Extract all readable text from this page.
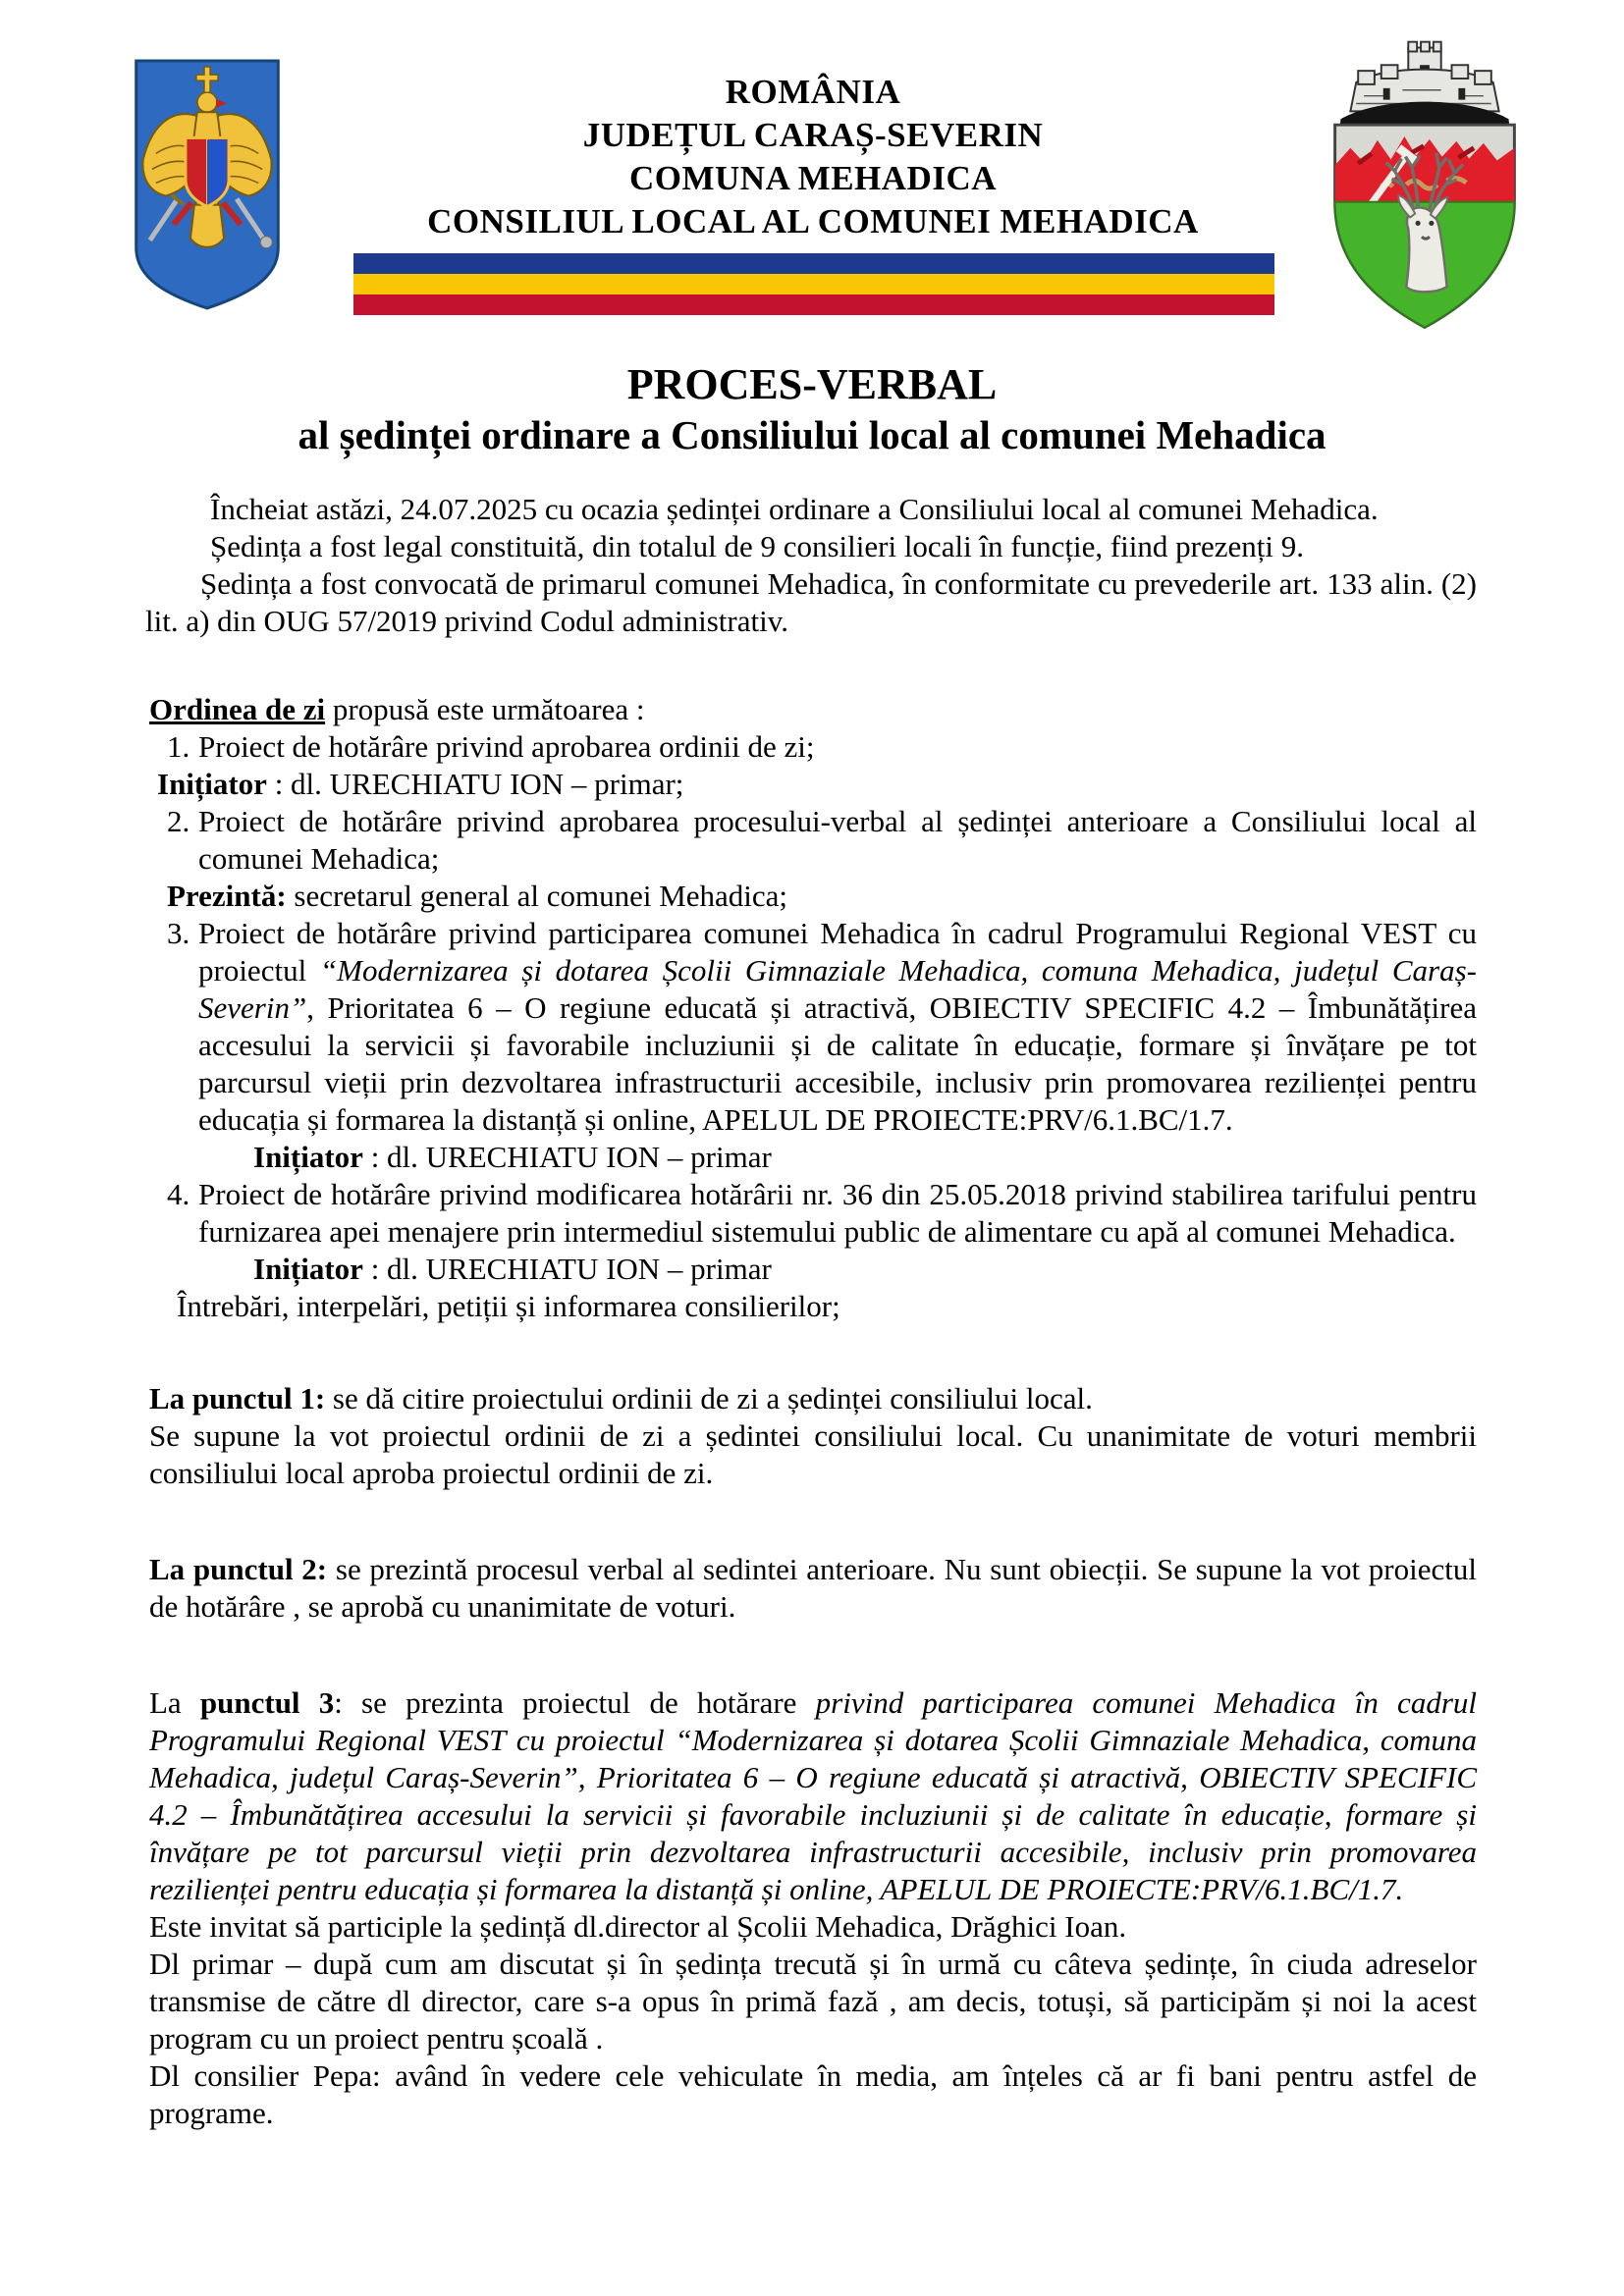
ROMÂNIA
JUDEȚUL CARAȘ-SEVERIN
COMUNA MEHADICA
CONSILIUL LOCAL AL COMUNEI MEHADICA
PROCES-VERBAL
al ședinței ordinare a Consiliului local al comunei Mehadica

Încheiat astăzi, 24.07.2025 cu ocazia ședinței ordinare a Consiliului local al comunei Mehadica.

Ședința a fost legal constituită, din totalul de 9 consilieri locali în funcție, fiind prezenți 9.

Ședința a fost convocată de primarul comunei Mehadica, în conformitate cu prevederile art. 133 alin. (2) lit. a) din OUG 57/2019 privind Codul administrativ.

Ordinea de zi propusă este următoarea :

1. Proiect de hotărâre privind aprobarea ordinii de zi;

Inițiator : dl. URECHIATU ION – primar;

2. Proiect de hotărâre privind aprobarea procesului-verbal al ședinței anterioare a Consiliului local al comunei Mehadica;

Prezintă: secretarul general al comunei Mehadica;

3. Proiect de hotărâre privind participarea comunei Mehadica în cadrul Programului Regional VEST cu proiectul “Modernizarea și dotarea Școlii Gimnaziale Mehadica, comuna Mehadica, județul Caraș-Severin”, Prioritatea 6 – O regiune educată și atractivă, OBIECTIV SPECIFIC 4.2 – Îmbunătățirea accesului la servicii și favorabile incluziunii și de calitate în educație, formare și învățare pe tot parcursul vieții prin dezvoltarea infrastructurii accesibile, inclusiv prin promovarea rezilienței pentru educația și formarea la distanță și online, APELUL DE PROIECTE:PRV/6.1.BC/1.7.

Inițiator : dl. URECHIATU ION – primar

4. Proiect de hotărâre privind modificarea hotărârii nr. 36 din 25.05.2018 privind stabilirea tarifului pentru furnizarea apei menajere prin intermediul sistemului public de alimentare cu apă al comunei Mehadica.

Inițiator : dl. URECHIATU ION – primar

Întrebări, interpelări, petiții și informarea consilierilor;

La punctul 1: se dă citire proiectului ordinii de zi a ședinței consiliului local.

Se supune la vot proiectul ordinii de zi a ședintei consiliului local. Cu unanimitate de voturi membrii consiliului local aproba proiectul ordinii de zi.

La punctul 2: se prezintă procesul verbal al sedintei anterioare. Nu sunt obiecții. Se supune la vot proiectul de hotărâre , se aprobă cu unanimitate de voturi.

La punctul 3: se prezinta proiectul de hotărare privind participarea comunei Mehadica în cadrul Programului Regional VEST cu proiectul “Modernizarea și dotarea Școlii Gimnaziale Mehadica, comuna Mehadica, județul Caraș-Severin”, Prioritatea 6 – O regiune educată și atractivă, OBIECTIV SPECIFIC 4.2 – Îmbunătățirea accesului la servicii și favorabile incluziunii și de calitate în educație, formare și învățare pe tot parcursul vieții prin dezvoltarea infrastructurii accesibile, inclusiv prin promovarea rezilienței pentru educația și formarea la distanță și online, APELUL DE PROIECTE:PRV/6.1.BC/1.7.

Este invitat să participle la ședință dl.director al Școlii Mehadica, Drăghici Ioan.

Dl primar – după cum am discutat și în ședința trecută și în urmă cu câteva ședințe, în ciuda adreselor transmise de către dl director, care s-a opus în primă fază , am decis, totuși, să participăm și noi la acest program cu un proiect pentru școală .

Dl consilier Pepa: având în vedere cele vehiculate în media, am înțeles că ar fi bani pentru astfel de programe.
